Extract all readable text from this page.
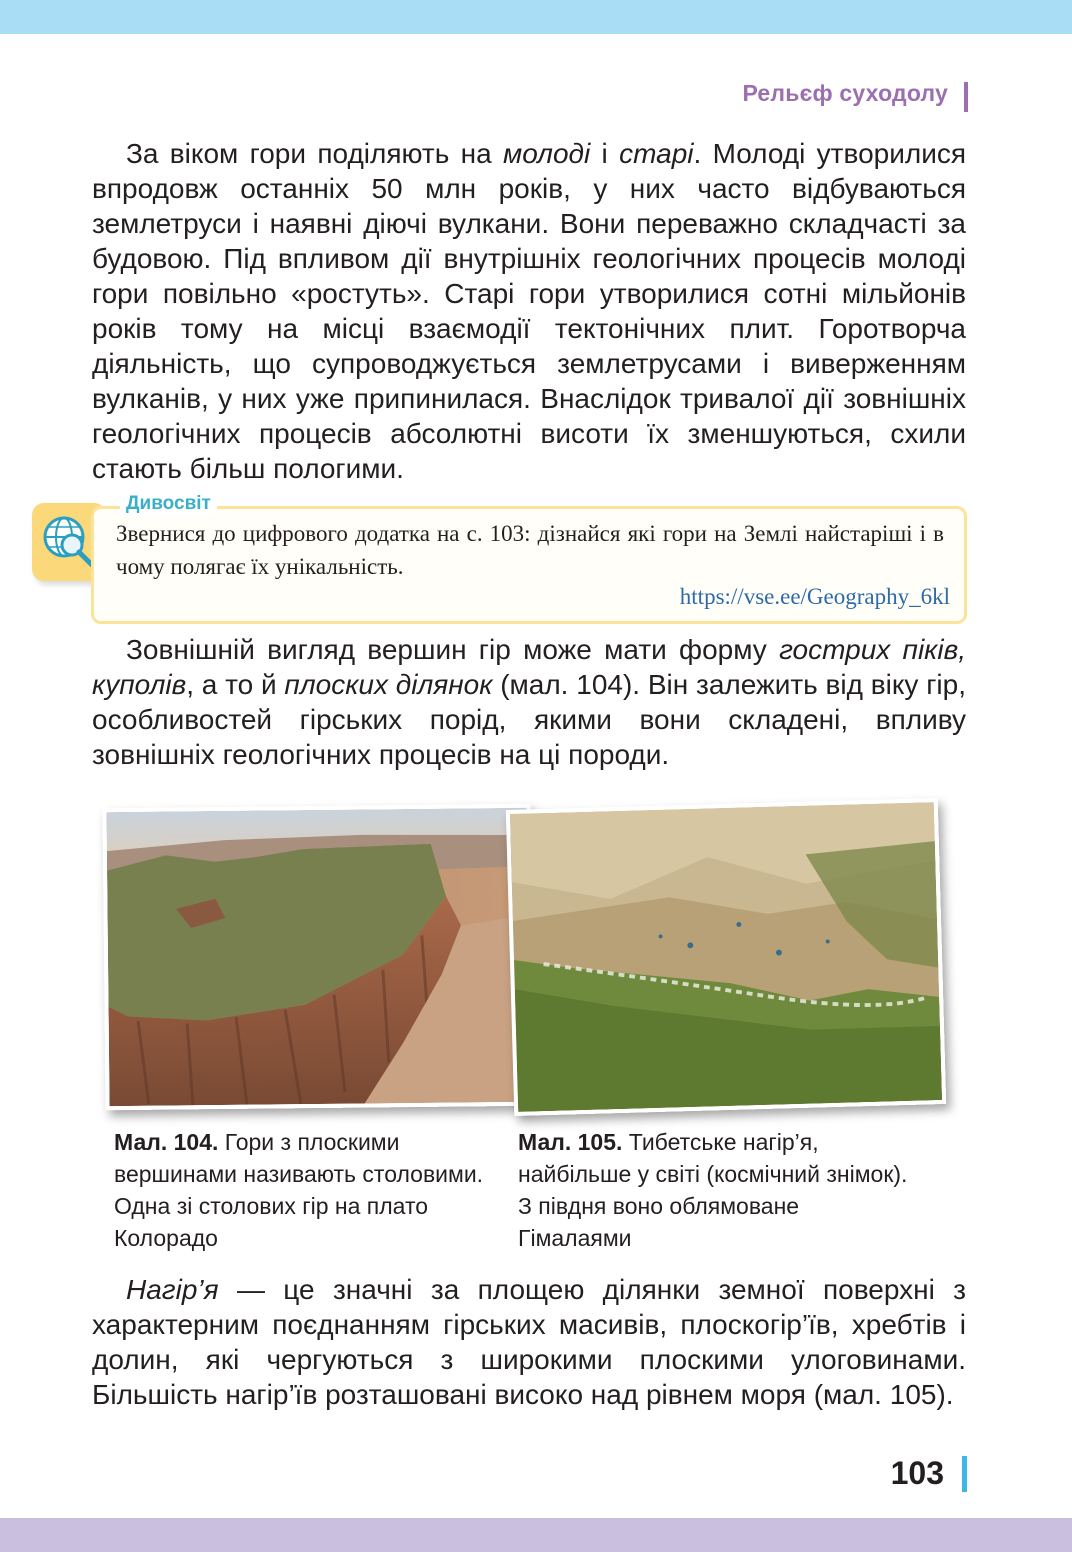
Рельєф суходолу

За віком гори поділяють на молоді і старі. Молоді утворилися впродовж останніх 50 млн років, у них часто відбуваються землетруси і наявні діючі вулкани. Вони переважно складчасті за будовою. Під впливом дії внутрішніх геологічних процесів молоді гори повільно «ростуть». Старі гори утворилися сотні мільйонів років тому на місці взаємодії тектонічних плит. Горотворча діяльність, що супроводжується землетрусами і виверженням вулканів, у них уже припинилася. Внаслідок тривалої дії зовнішніх геологічних процесів абсолютні висоти їх зменшуються, схили стають більш пологими.

Дивосвіт

Звернися до цифрового додатка на с. 103: дізнайся які гори на Землі найстаріші і в чому полягає їх унікальність.

https://vse.ee/Geography_6kl

Зовнішній вигляд вершин гір може мати форму гострих піків, куполів, а то й плоских ділянок (мал. 104). Він залежить від віку гір, особливостей гірських порід, якими вони складені, впливу зовнішніх геологічних процесів на ці породи.

Мал. 104. Гори з плоскими вершинами називають столовими. Одна зі столових гір на плато Колорадо
Мал. 105. Тибетське нагір’я, найбільше у світі (космічний знімок). З півдня воно облямоване Гімалаями

Нагір’я — це значні за площею ділянки земної поверхні з характерним поєднанням гірських масивів, плоскогір’їв, хребтів і долин, які чергуються з широкими плоскими улоговинами. Більшість нагір’їв розташовані високо над рівнем моря (мал. 105).

103
